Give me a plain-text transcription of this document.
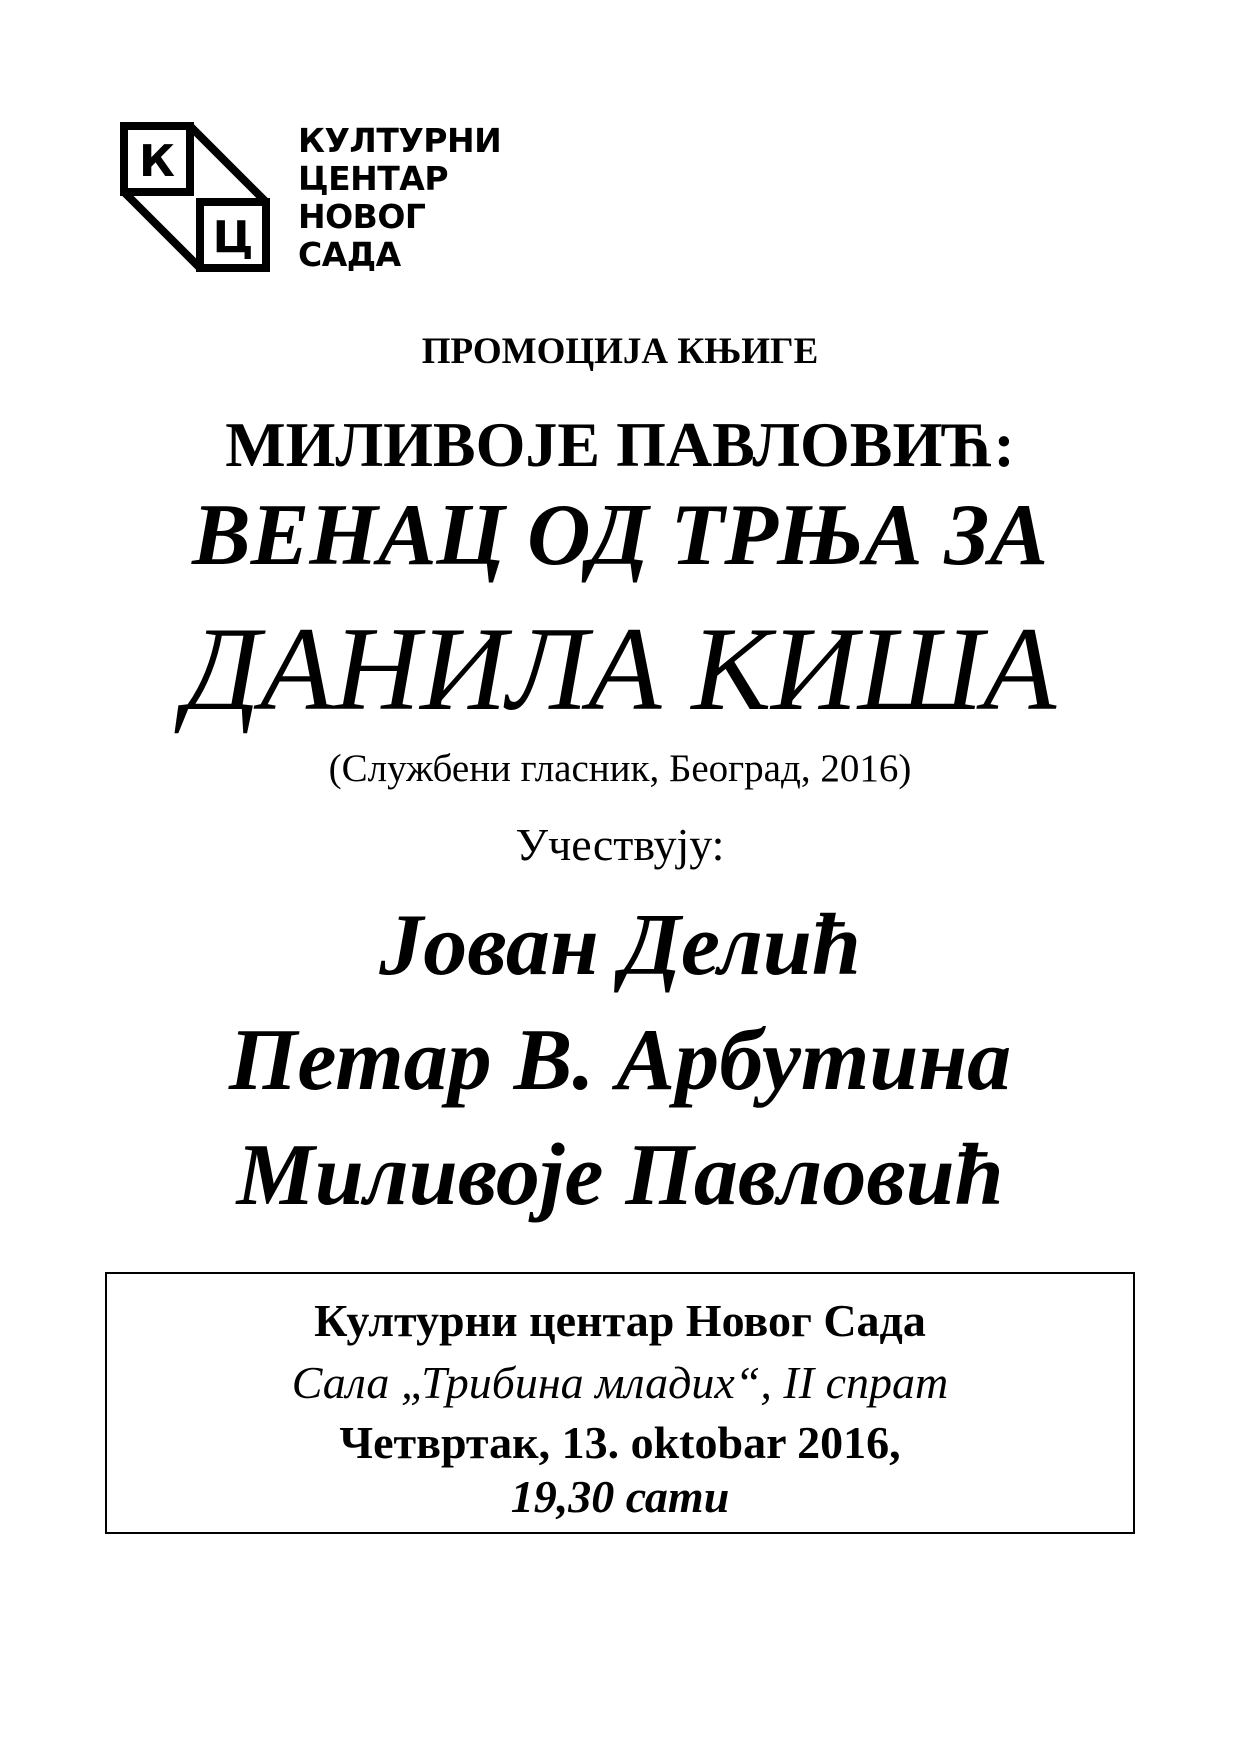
К
Ц
КУЛТУРНИ
ЦЕНТАР
НОВОГ
САДА
ПРОМОЦИЈА КЊИГЕ
МИЛИВОЈЕ ПАВЛОВИЋ:
ВЕНАЦ ОД ТРЊА ЗА
ДАНИЛА КИША
(Службени гласник, Београд, 2016)
Учествују:
Јован Делић
Петар В. Арбутина
Миливоје Павловић
Културни центар Новог Сада
Сала „Трибина младих“, II спрат
Четвртак, 13. oktobar 2016,
19,30 сати
